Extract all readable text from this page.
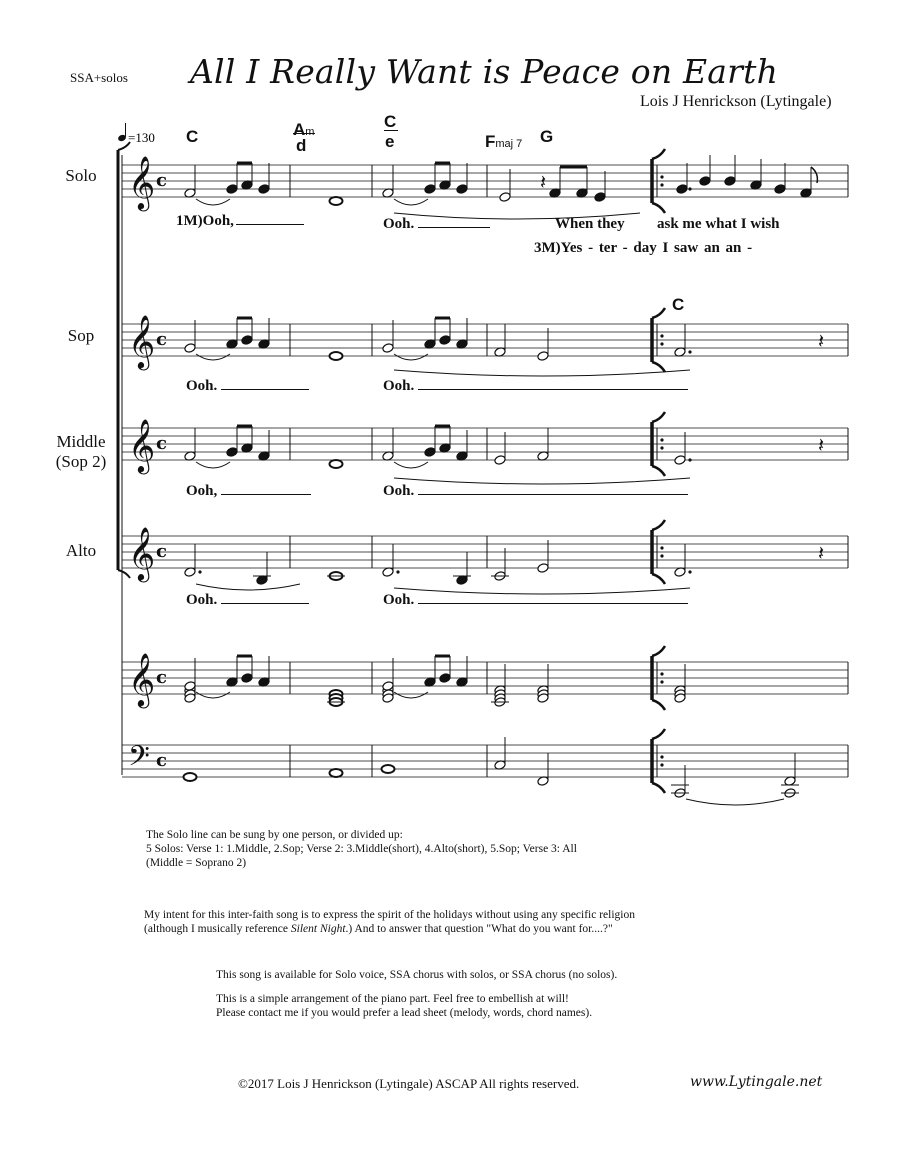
SSA+solos All I Really Want is Peace on Earth
Lois J Henrickson (Lytingale)
𝄞 c
𝄞 c
𝄞 c
𝄞 c
𝄞 c
𝄢 c
𝄽
𝄽
𝄽
𝄽
=130
Solo
Sop
Middle
(Sop 2)
Alto
C	Am
d
C
e	Fmaj 7 G
C
1M)Ooh,	Ooh.	When they ask me what I wish
3M)Yes - ter - day I saw an an -
Ooh.	Ooh.
Ooh,	Ooh.
Ooh.	Ooh.
The Solo line can be sung by one person, or divided up:
5 Solos: Verse 1: 1.Middle, 2.Sop; Verse 2: 3.Middle(short), 4.Alto(short), 5.Sop; Verse 3: All
(Middle = Soprano 2)
My intent for this inter-faith song is to express the spirit of the holidays without using any specific religion
(although I musically reference Silent Night.) And to answer that question "What do you want for....?"
This song is available for Solo voice, SSA chorus with solos, or SSA chorus (no solos).
This is a simple arrangement of the piano part. Feel free to embellish at will!
Please contact me if you would prefer a lead sheet (melody, words, chord names).
©2017 Lois J Henrickson (Lytingale) ASCAP All rights reserved.	www.Lytingale.net
